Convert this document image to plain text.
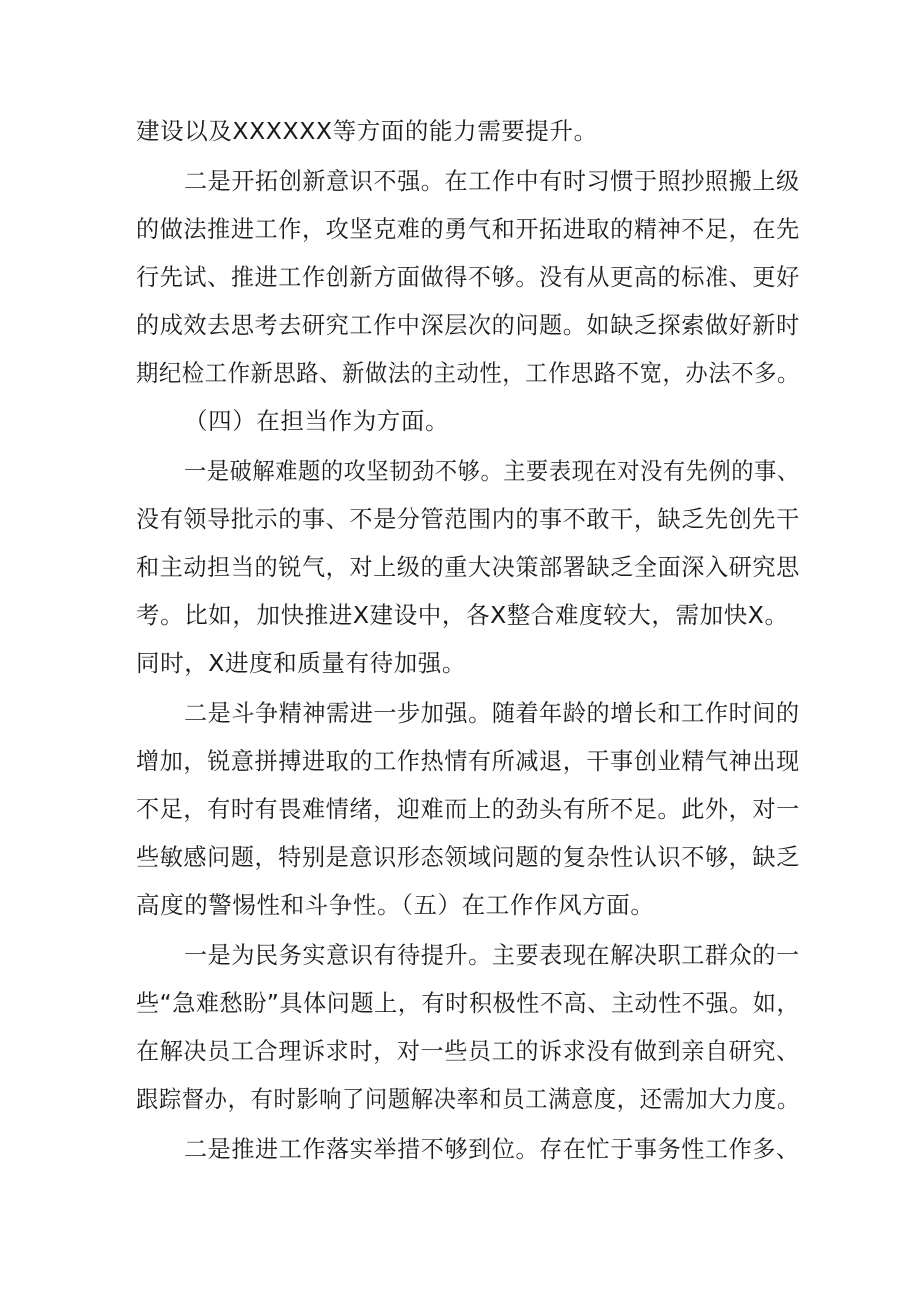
建设以及XXXXXX等方面的能力需要提升。
二是开拓创新意识不强。在工作中有时习惯于照抄照搬上级
的做法推进工作，攻坚克难的勇气和开拓进取的精神不足，在先
行先试、推进工作创新方面做得不够。没有从更高的标准、更好
的成效去思考去研究工作中深层次的问题。如缺乏探索做好新时
期纪检工作新思路、新做法的主动性，工作思路不宽，办法不多。
（四）在担当作为方面。
一是破解难题的攻坚韧劲不够。主要表现在对没有先例的事、
没有领导批示的事、不是分管范围内的事不敢干，缺乏先创先干
和主动担当的锐气，对上级的重大决策部署缺乏全面深入研究思
考。比如，加快推进X建设中，各X整合难度较大，需加快X。
同时，X进度和质量有待加强。
二是斗争精神需进一步加强。随着年龄的增长和工作时间的
增加，锐意拼搏进取的工作热情有所减退，干事创业精气神出现
不足，有时有畏难情绪，迎难而上的劲头有所不足。此外，对一
些敏感问题，特别是意识形态领域问题的复杂性认识不够，缺乏
高度的警惕性和斗争性。（五）在工作作风方面。
一是为民务实意识有待提升。主要表现在解决职工群众的一
些“急难愁盼”具体问题上，有时积极性不高、主动性不强。如，
在解决员工合理诉求时，对一些员工的诉求没有做到亲自研究、
跟踪督办，有时影响了问题解决率和员工满意度，还需加大力度。
二是推进工作落实举措不够到位。存在忙于事务性工作多、
